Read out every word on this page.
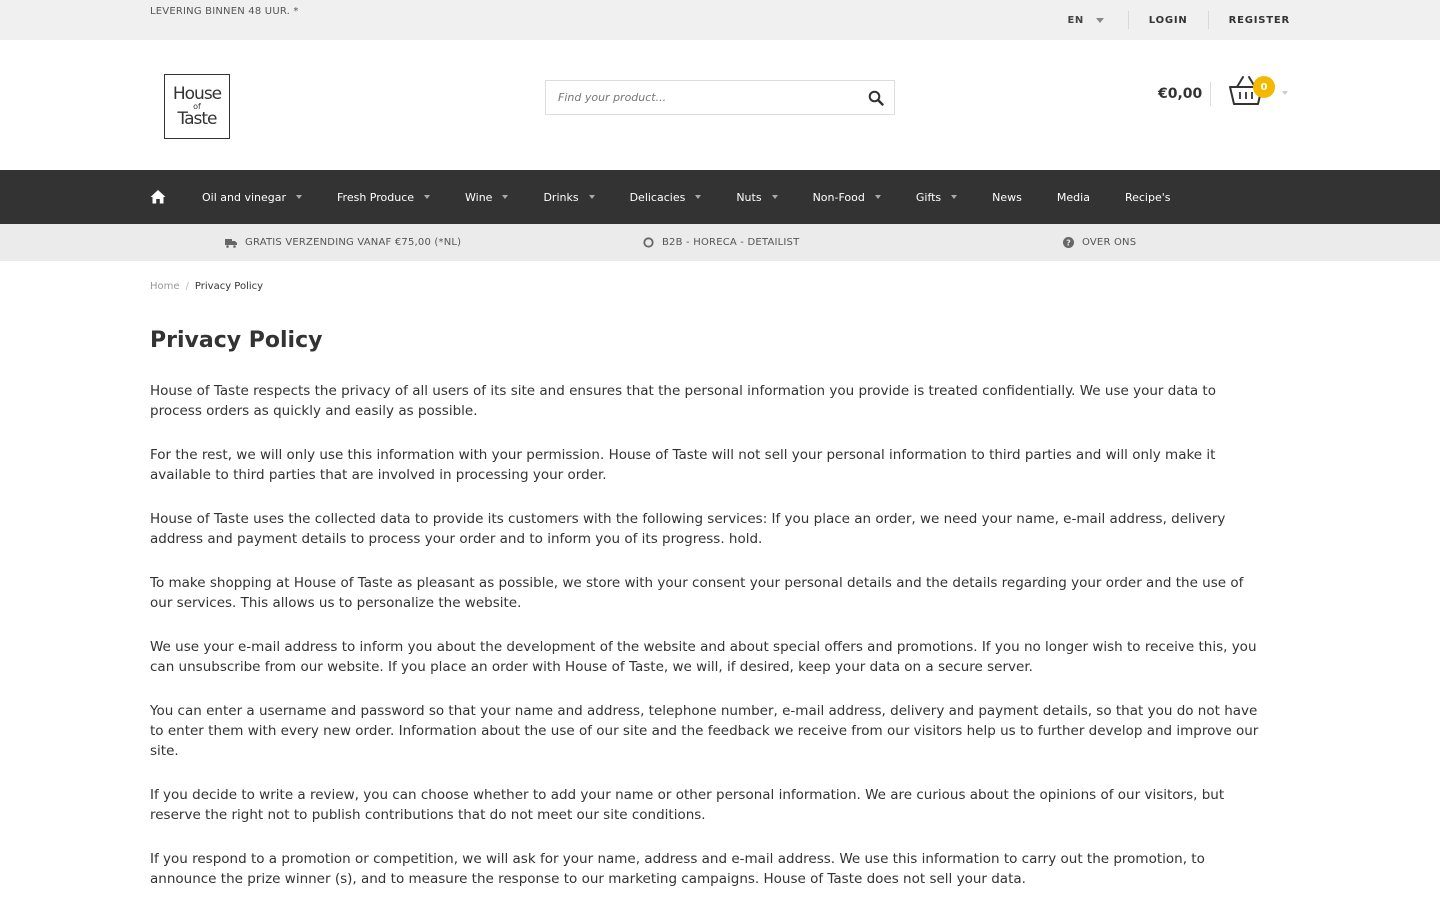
LEVERING BINNEN 48 UUR. *
EN	LOGIN	REGISTER
House
of
Taste
Find your product...
€0,00	0
Oil and vinegar	Fresh Produce	Wine	Drinks	Delicacies	Nuts	Non-Food	Gifts	News	Media	Recipe's
GRATIS VERZENDING VANAF €75,00 (*NL)	B2B - HORECA - DETAILIST	? OVER ONS
Home / Privacy Policy
Privacy Policy

House of Taste respects the privacy of all users of its site and ensures that the personal information you provide is treated confidentially. We use your data to process orders as quickly and easily as possible.

For the rest, we will only use this information with your permission. House of Taste will not sell your personal information to third parties and will only make it available to third parties that are involved in processing your order.

House of Taste uses the collected data to provide its customers with the following services: If you place an order, we need your name, e-mail address, delivery address and payment details to process your order and to inform you of its progress. hold.

To make shopping at House of Taste as pleasant as possible, we store with your consent your personal details and the details regarding your order and the use of our services. This allows us to personalize the website.

We use your e-mail address to inform you about the development of the website and about special offers and promotions. If you no longer wish to receive this, you can unsubscribe from our website. If you place an order with House of Taste, we will, if desired, keep your data on a secure server.

You can enter a username and password so that your name and address, telephone number, e-mail address, delivery and payment details, so that you do not have to enter them with every new order. Information about the use of our site and the feedback we receive from our visitors help us to further develop and improve our site.

If you decide to write a review, you can choose whether to add your name or other personal information. We are curious about the opinions of our visitors, but reserve the right not to publish contributions that do not meet our site conditions.

If you respond to a promotion or competition, we will ask for your name, address and e-mail address. We use this information to carry out the promotion, to announce the prize winner (s), and to measure the response to our marketing campaigns. House of Taste does not sell your data.
